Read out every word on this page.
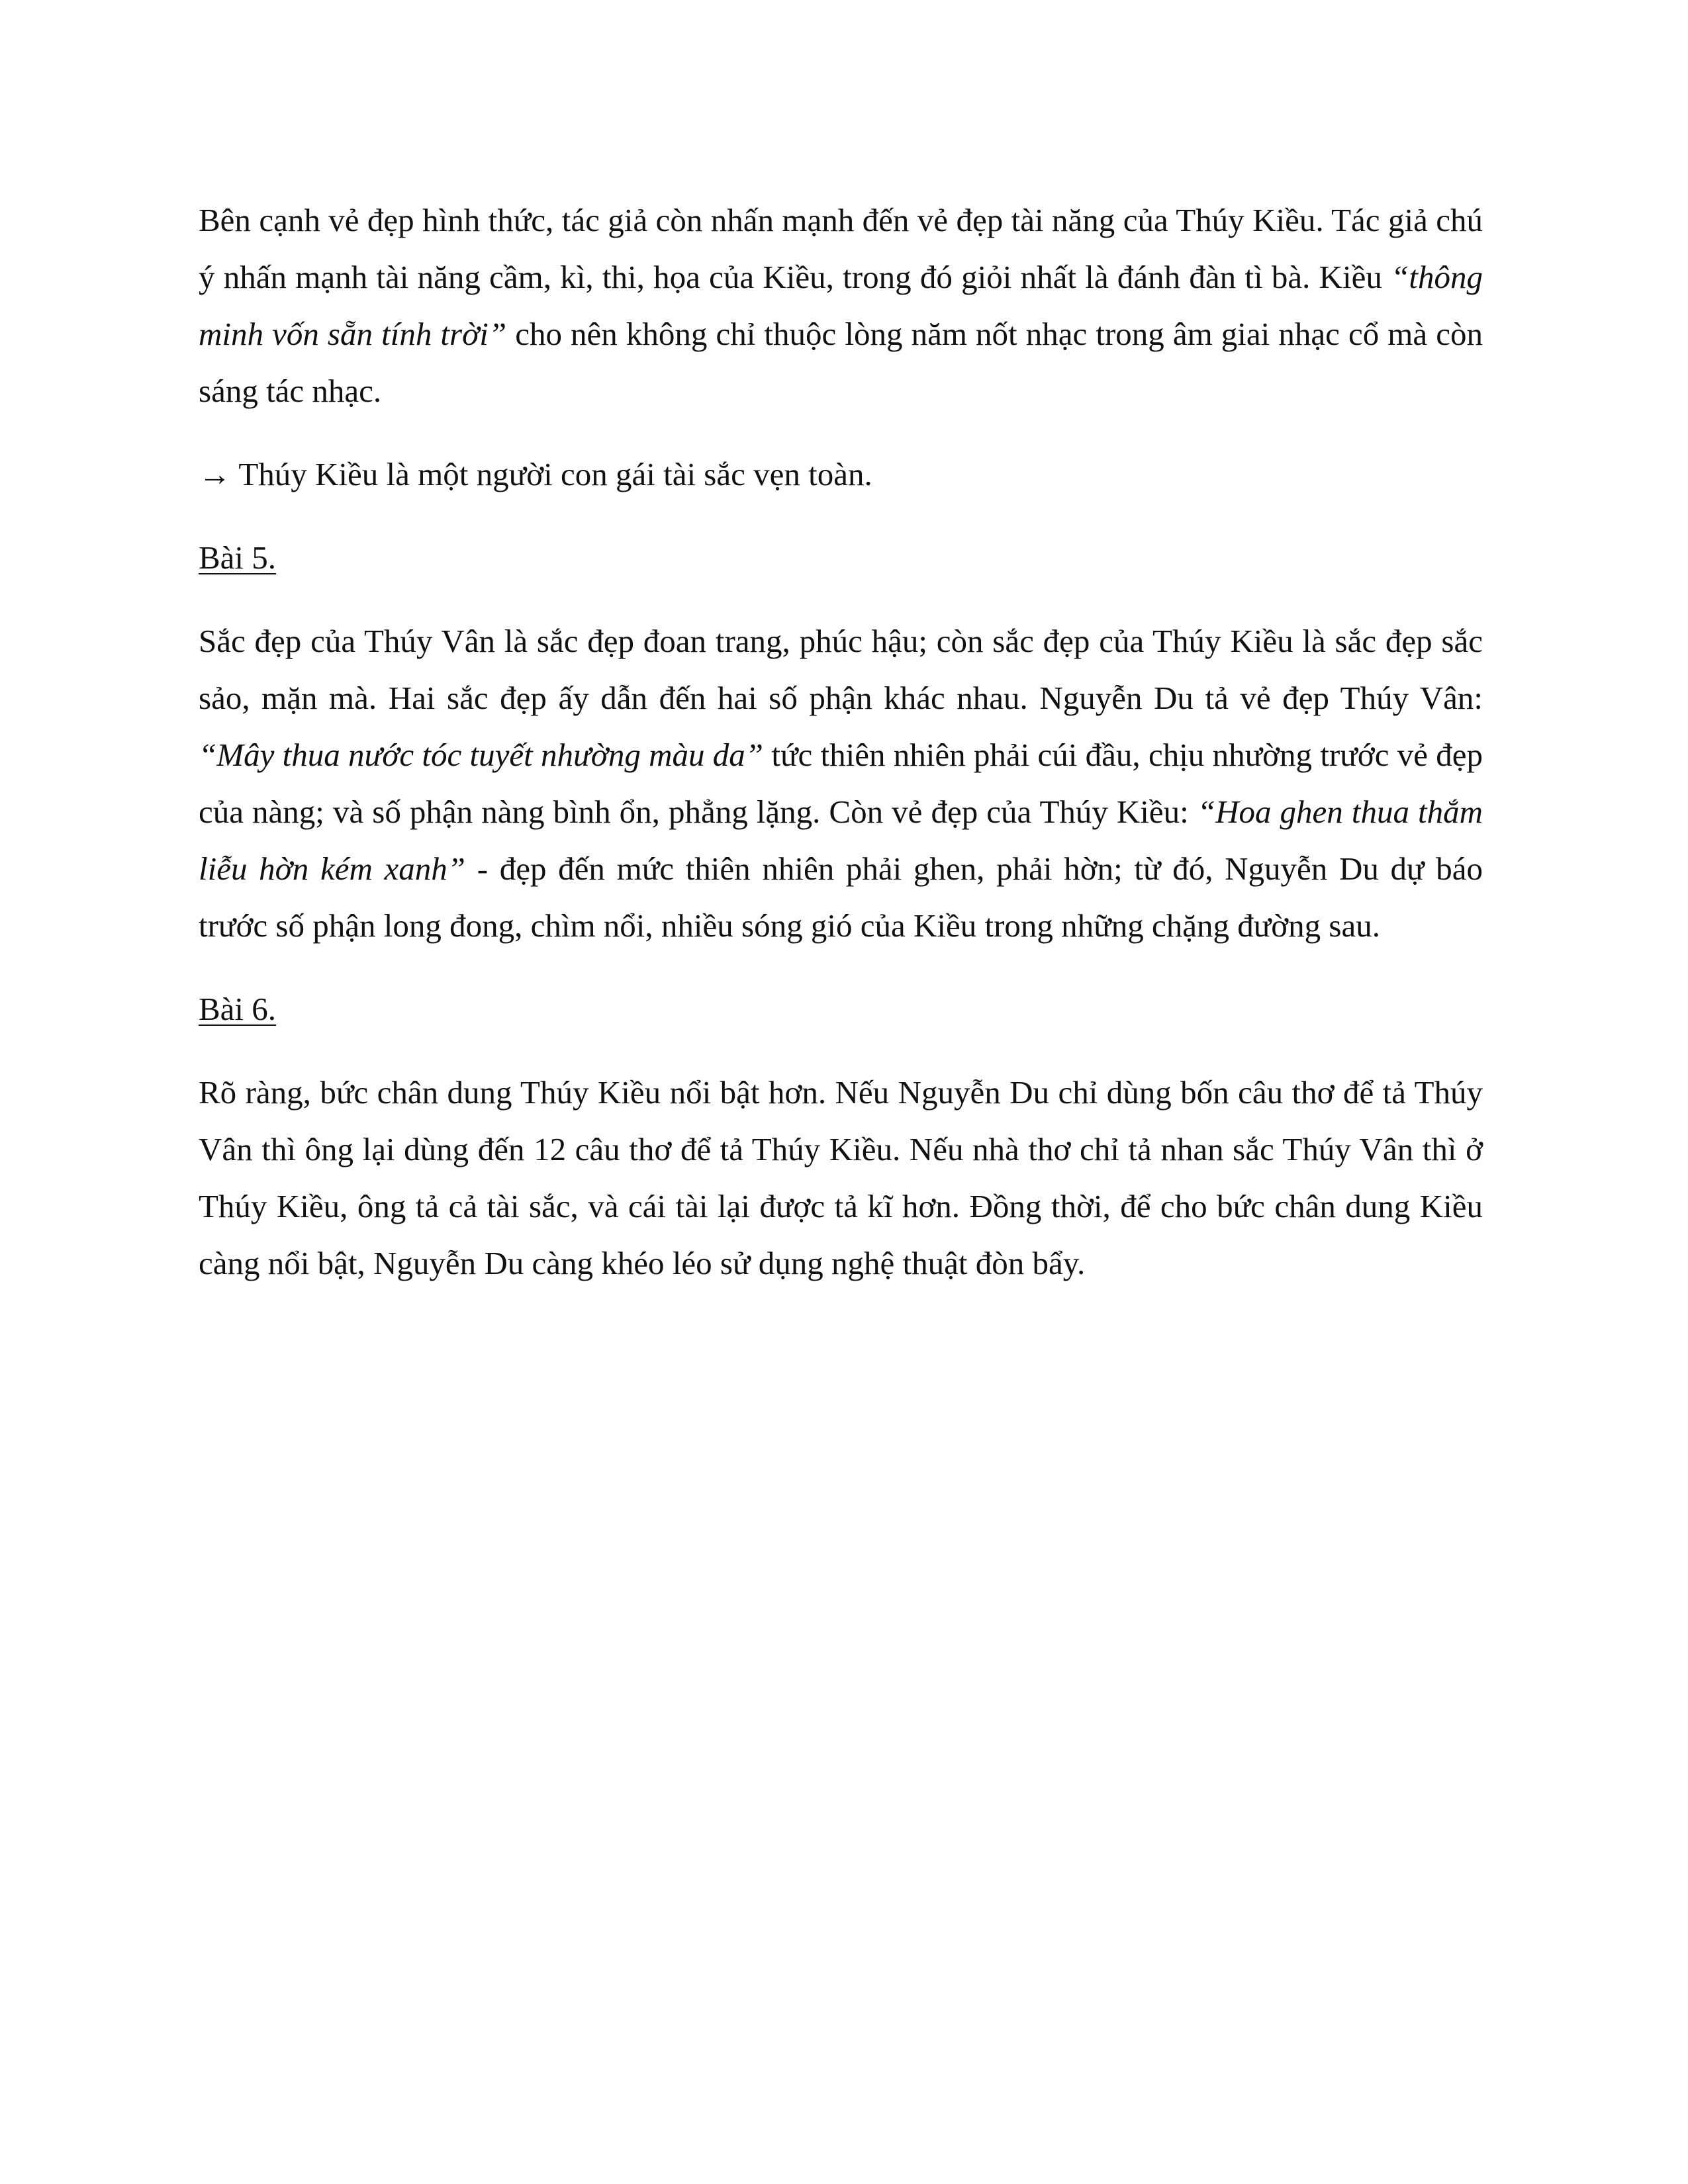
Bên cạnh vẻ đẹp hình thức, tác giả còn nhấn mạnh đến vẻ đẹp tài năng của Thúy Kiều. Tác giả chú ý nhấn mạnh tài năng cầm, kì, thi, họa của Kiều, trong đó giỏi nhất là đánh đàn tì bà. Kiều “thông minh vốn sẵn tính trời” cho nên không chỉ thuộc lòng năm nốt nhạc trong âm giai nhạc cổ mà còn sáng tác nhạc.

→ Thúy Kiều là một người con gái tài sắc vẹn toàn.

Bài 5.

Sắc đẹp của Thúy Vân là sắc đẹp đoan trang, phúc hậu; còn sắc đẹp của Thúy Kiều là sắc đẹp sắc sảo, mặn mà. Hai sắc đẹp ấy dẫn đến hai số phận khác nhau. Nguyễn Du tả vẻ đẹp Thúy Vân: “Mây thua nước tóc tuyết nhường màu da” tức thiên nhiên phải cúi đầu, chịu nhường trước vẻ đẹp của nàng; và số phận nàng bình ổn, phẳng lặng. Còn vẻ đẹp của Thúy Kiều: “Hoa ghen thua thắm liễu hờn kém xanh” - đẹp đến mức thiên nhiên phải ghen, phải hờn; từ đó, Nguyễn Du dự báo trước số phận long đong, chìm nổi, nhiều sóng gió của Kiều trong những chặng đường sau.

Bài 6.

Rõ ràng, bức chân dung Thúy Kiều nổi bật hơn. Nếu Nguyễn Du chỉ dùng bốn câu thơ để tả Thúy Vân thì ông lại dùng đến 12 câu thơ để tả Thúy Kiều. Nếu nhà thơ chỉ tả nhan sắc Thúy Vân thì ở Thúy Kiều, ông tả cả tài sắc, và cái tài lại được tả kĩ hơn. Đồng thời, để cho bức chân dung Kiều càng nổi bật, Nguyễn Du càng khéo léo sử dụng nghệ thuật đòn bẩy.
